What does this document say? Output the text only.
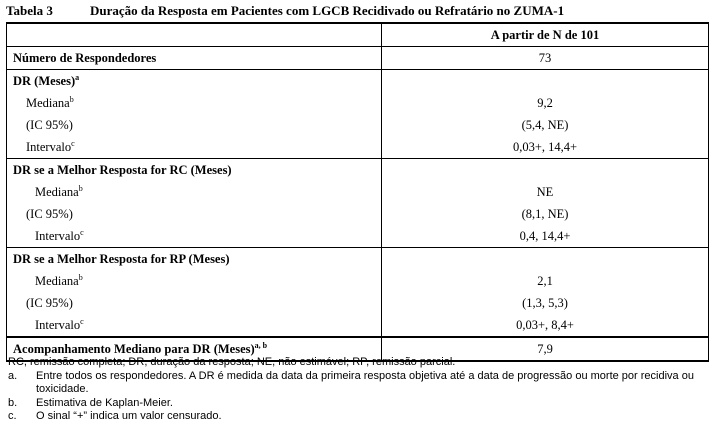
Tabela 3	Duração da Resposta em Pacientes com LGCB Recidivado ou Refratário no ZUMA-1
	A partir de N de 101
Número de Respondedores	73
DR (Meses)$^a$	
Mediana$^b$	9,2
(IC 95%)	(5,4, NE)
Intervalo$^c$	0,03+, 14,4+
DR se a Melhor Resposta for RC (Meses)	
Mediana$^b$	NE
(IC 95%)	(8,1, NE)
Intervalo$^c$	0,4, 14,4+
DR se a Melhor Resposta for RP (Meses)	
Mediana$^b$	2,1
(IC 95%)	(1,3, 5,3)
Intervalo$^c$	0,03+, 8,4+
Acompanhamento Mediano para DR (Meses)$^{a, b}$	7,9
RC, remissão completa; DR, duração da resposta; NE, não estimável; RP, remissão parcial.
a.	Entre todos os respondedores. A DR é medida da data da primeira resposta objetiva até a data de progressão ou morte por recidiva ou toxicidade.
b.	Estimativa de Kaplan-Meier.
c.	O sinal “+” indica um valor censurado.
